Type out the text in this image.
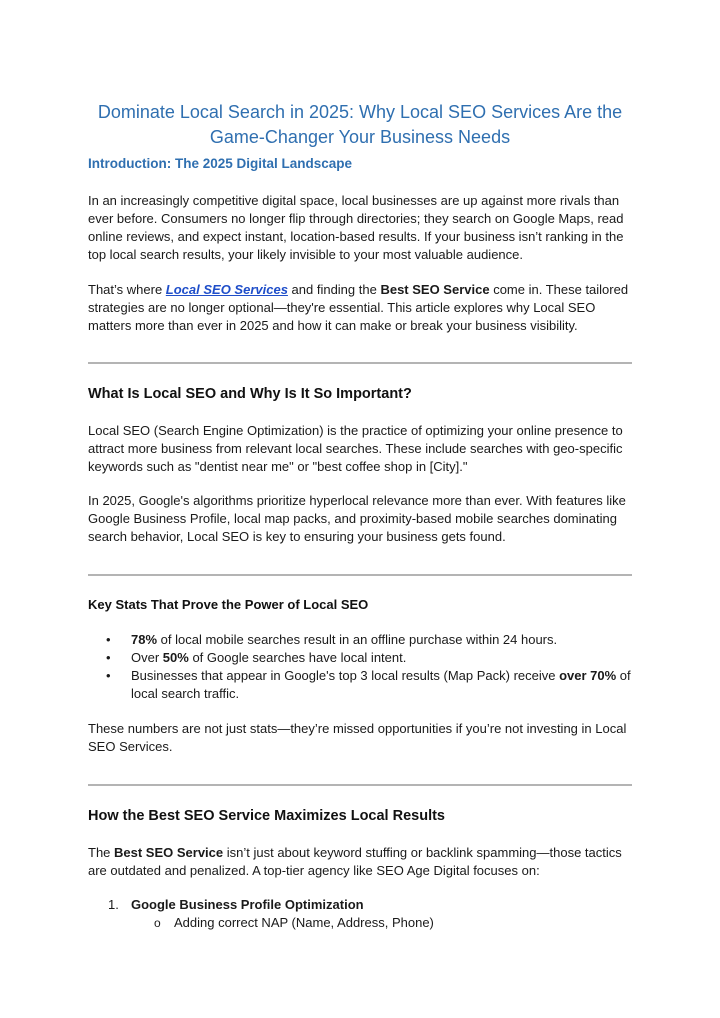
Dominate Local Search in 2025: Why Local SEO Services Are the Game-Changer Your Business Needs
Introduction: The 2025 Digital Landscape

In an increasingly competitive digital space, local businesses are up against more rivals than ever before. Consumers no longer flip through directories; they search on Google Maps, read online reviews, and expect instant, location-based results. If your business isn’t ranking in the top local search results, your likely invisible to your most valuable audience.

That’s where Local SEO Services and finding the Best SEO Service come in. These tailored strategies are no longer optional—they're essential. This article explores why Local SEO matters more than ever in 2025 and how it can make or break your business visibility.

What Is Local SEO and Why Is It So Important?

Local SEO (Search Engine Optimization) is the practice of optimizing your online presence to attract more business from relevant local searches. These include searches with geo-specific keywords such as "dentist near me" or "best coffee shop in [City]."

In 2025, Google's algorithms prioritize hyperlocal relevance more than ever. With features like Google Business Profile, local map packs, and proximity-based mobile searches dominating search behavior, Local SEO is key to ensuring your business gets found.

Key Stats That Prove the Power of Local SEO
• 78% of local mobile searches result in an offline purchase within 24 hours.
• Over 50% of Google searches have local intent.
• Businesses that appear in Google's top 3 local results (Map Pack) receive over 70% of local search traffic.

These numbers are not just stats—they’re missed opportunities if you’re not investing in Local SEO Services.

How the Best SEO Service Maximizes Local Results

The Best SEO Service isn’t just about keyword stuffing or backlink spamming—those tactics are outdated and penalized. A top-tier agency like SEO Age Digital focuses on:

1. Google Business Profile Optimization
o Adding correct NAP (Name, Address, Phone)
